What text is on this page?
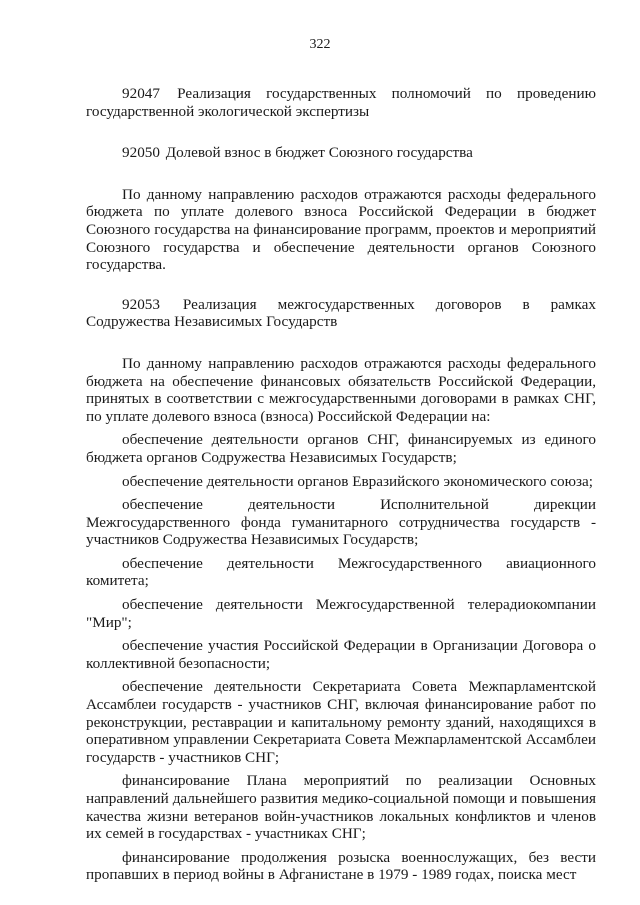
322

92047 Реализация государственных полномочий по проведению государственной экологической экспертизы

92050 Долевой взнос в бюджет Союзного государства

По данному направлению расходов отражаются расходы федерального бюджета по уплате долевого взноса Российской Федерации в бюджет Союзного государства на финансирование программ, проектов и мероприятий Союзного государства и обеспечение деятельности органов Союзного государства.

92053 Реализация межгосударственных договоров в рамках Содружества Независимых Государств

По данному направлению расходов отражаются расходы федерального бюджета на обеспечение финансовых обязательств Российской Федерации, принятых в соответствии с межгосударственными договорами в рамках СНГ, по уплате долевого взноса (взноса) Российской Федерации на:

обеспечение деятельности органов СНГ, финансируемых из единого бюджета органов Содружества Независимых Государств;

обеспечение деятельности органов Евразийского экономического союза;

обеспечение деятельности Исполнительной дирекции Межгосударственного фонда гуманитарного сотрудничества государств - участников Содружества Независимых Государств;

обеспечение деятельности Межгосударственного авиационного комитета;

обеспечение деятельности Межгосударственной телерадиокомпании "Мир";

обеспечение участия Российской Федерации в Организации Договора о коллективной безопасности;

обеспечение деятельности Секретариата Совета Межпарламентской Ассамблеи государств - участников СНГ, включая финансирование работ по реконструкции, реставрации и капитальному ремонту зданий, находящихся в оперативном управлении Секретариата Совета Межпарламентской Ассамблеи государств - участников СНГ;

финансирование Плана мероприятий по реализации Основных направлений дальнейшего развития медико-социальной помощи и повышения качества жизни ветеранов войн-участников локальных конфликтов и членов их семей в государствах - участниках СНГ;

финансирование продолжения розыска военнослужащих, без вести пропавших в период войны в Афганистане в 1979 - 1989 годах, поиска мест
